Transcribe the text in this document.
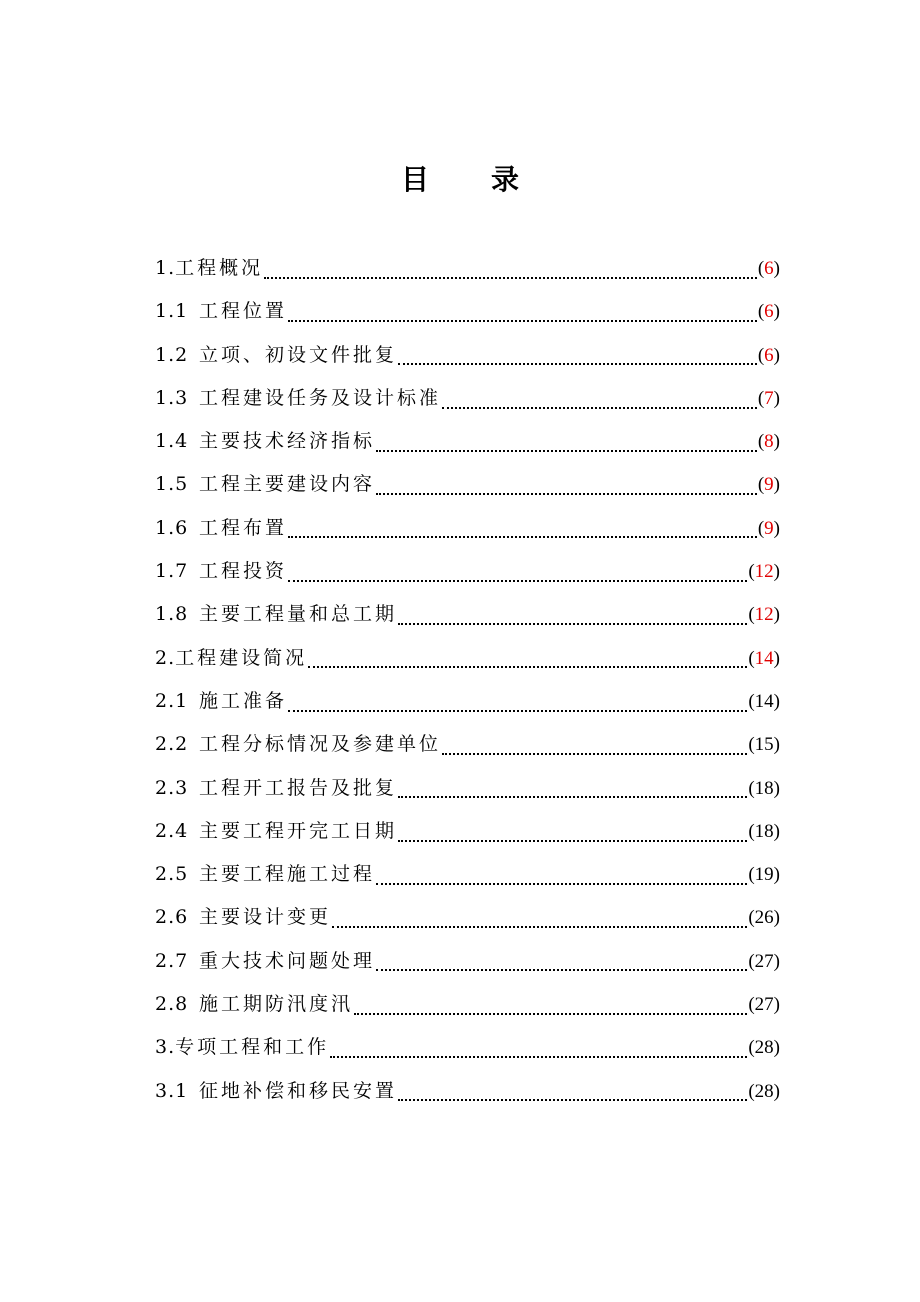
目 录
1. 工程概况	(6)
1.1 工程位置	(6)
1.2 立项、初设文件批复	(6)
1.3 工程建设任务及设计标准	(7)
1.4 主要技术经济指标	(8)
1.5 工程主要建设内容	(9)
1.6 工程布置	(9)
1.7 工程投资	(12)
1.8 主要工程量和总工期	(12)
2. 工程建设简况	(14)
2.1 施工准备	(14)
2.2 工程分标情况及参建单位	(15)
2.3 工程开工报告及批复	(18)
2.4 主要工程开完工日期	(18)
2.5 主要工程施工过程	(19)
2.6 主要设计变更	(26)
2.7 重大技术问题处理	(27)
2.8 施工期防汛度汛	(27)
3. 专项工程和工作	(28)
3.1 征地补偿和移民安置	(28)
